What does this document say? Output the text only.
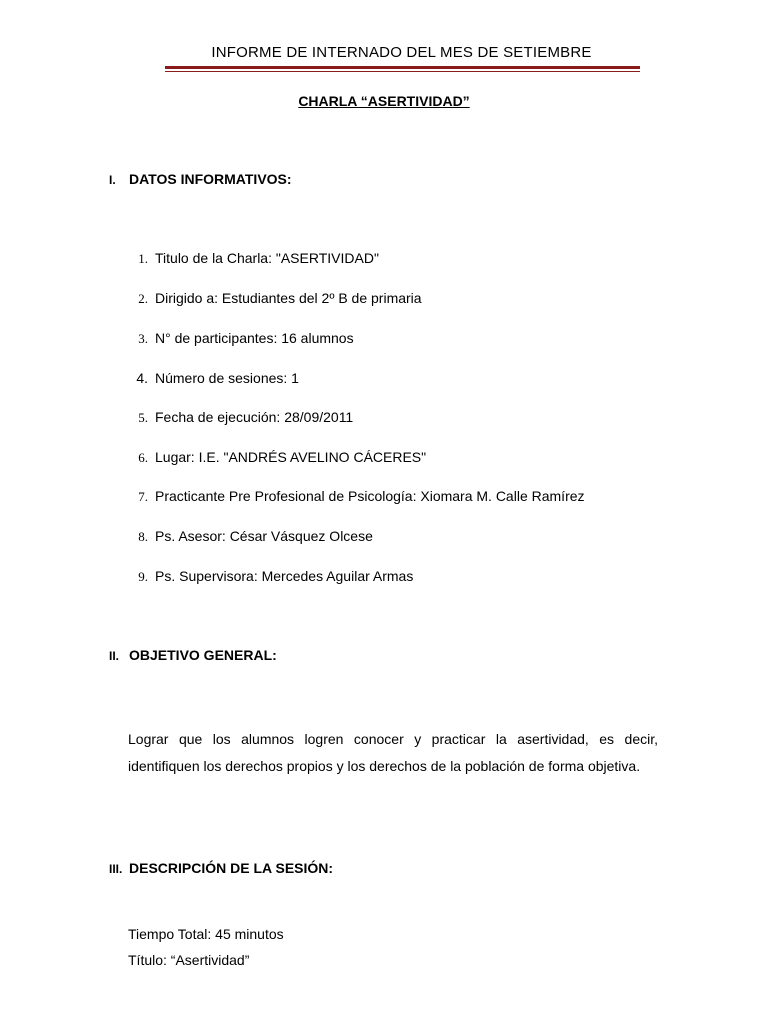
INFORME DE INTERNADO DEL MES DE SETIEMBRE
CHARLA “ASERTIVIDAD”
I. DATOS INFORMATIVOS:
1. Titulo de la Charla: "ASERTIVIDAD"
2. Dirigido a: Estudiantes del 2º B de primaria
3. N° de participantes: 16 alumnos
4. Número de sesiones: 1
5. Fecha de ejecución: 28/09/2011
6. Lugar: I.E. "ANDRÉS AVELINO CÁCERES"
7. Practicante Pre Profesional de Psicología: Xiomara M. Calle Ramírez
8. Ps. Asesor: César Vásquez Olcese
9. Ps. Supervisora: Mercedes Aguilar Armas
II. OBJETIVO GENERAL:
Lograr que los alumnos logren conocer y practicar la asertividad, es decir, identifiquen los derechos propios y los derechos de la población de forma objetiva.
III. DESCRIPCIÓN DE LA SESIÓN:
Tiempo Total: 45 minutos
Título: “Asertividad”
